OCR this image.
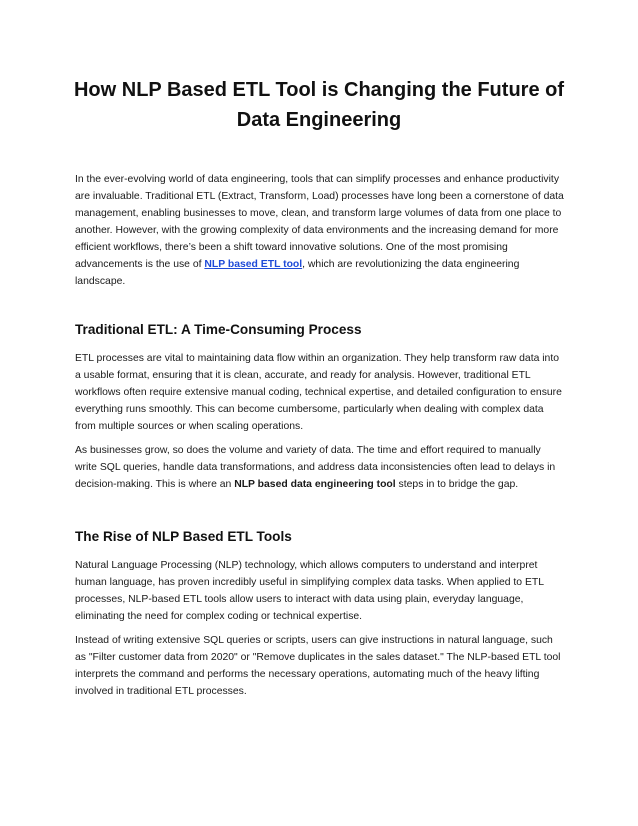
How NLP Based ETL Tool is Changing the Future of Data Engineering

In the ever-evolving world of data engineering, tools that can simplify processes and enhance productivity are invaluable. Traditional ETL (Extract, Transform, Load) processes have long been a cornerstone of data management, enabling businesses to move, clean, and transform large volumes of data from one place to another. However, with the growing complexity of data environments and the increasing demand for more efficient workflows, there’s been a shift toward innovative solutions. One of the most promising advancements is the use of NLP based ETL tool, which are revolutionizing the data engineering landscape.

Traditional ETL: A Time-Consuming Process

ETL processes are vital to maintaining data flow within an organization. They help transform raw data into a usable format, ensuring that it is clean, accurate, and ready for analysis. However, traditional ETL workflows often require extensive manual coding, technical expertise, and detailed configuration to ensure everything runs smoothly. This can become cumbersome, particularly when dealing with complex data from multiple sources or when scaling operations.

As businesses grow, so does the volume and variety of data. The time and effort required to manually write SQL queries, handle data transformations, and address data inconsistencies often lead to delays in decision-making. This is where an NLP based data engineering tool steps in to bridge the gap.

The Rise of NLP Based ETL Tools

Natural Language Processing (NLP) technology, which allows computers to understand and interpret human language, has proven incredibly useful in simplifying complex data tasks. When applied to ETL processes, NLP-based ETL tools allow users to interact with data using plain, everyday language, eliminating the need for complex coding or technical expertise.

Instead of writing extensive SQL queries or scripts, users can give instructions in natural language, such as "Filter customer data from 2020" or "Remove duplicates in the sales dataset." The NLP-based ETL tool interprets the command and performs the necessary operations, automating much of the heavy lifting involved in traditional ETL processes.
